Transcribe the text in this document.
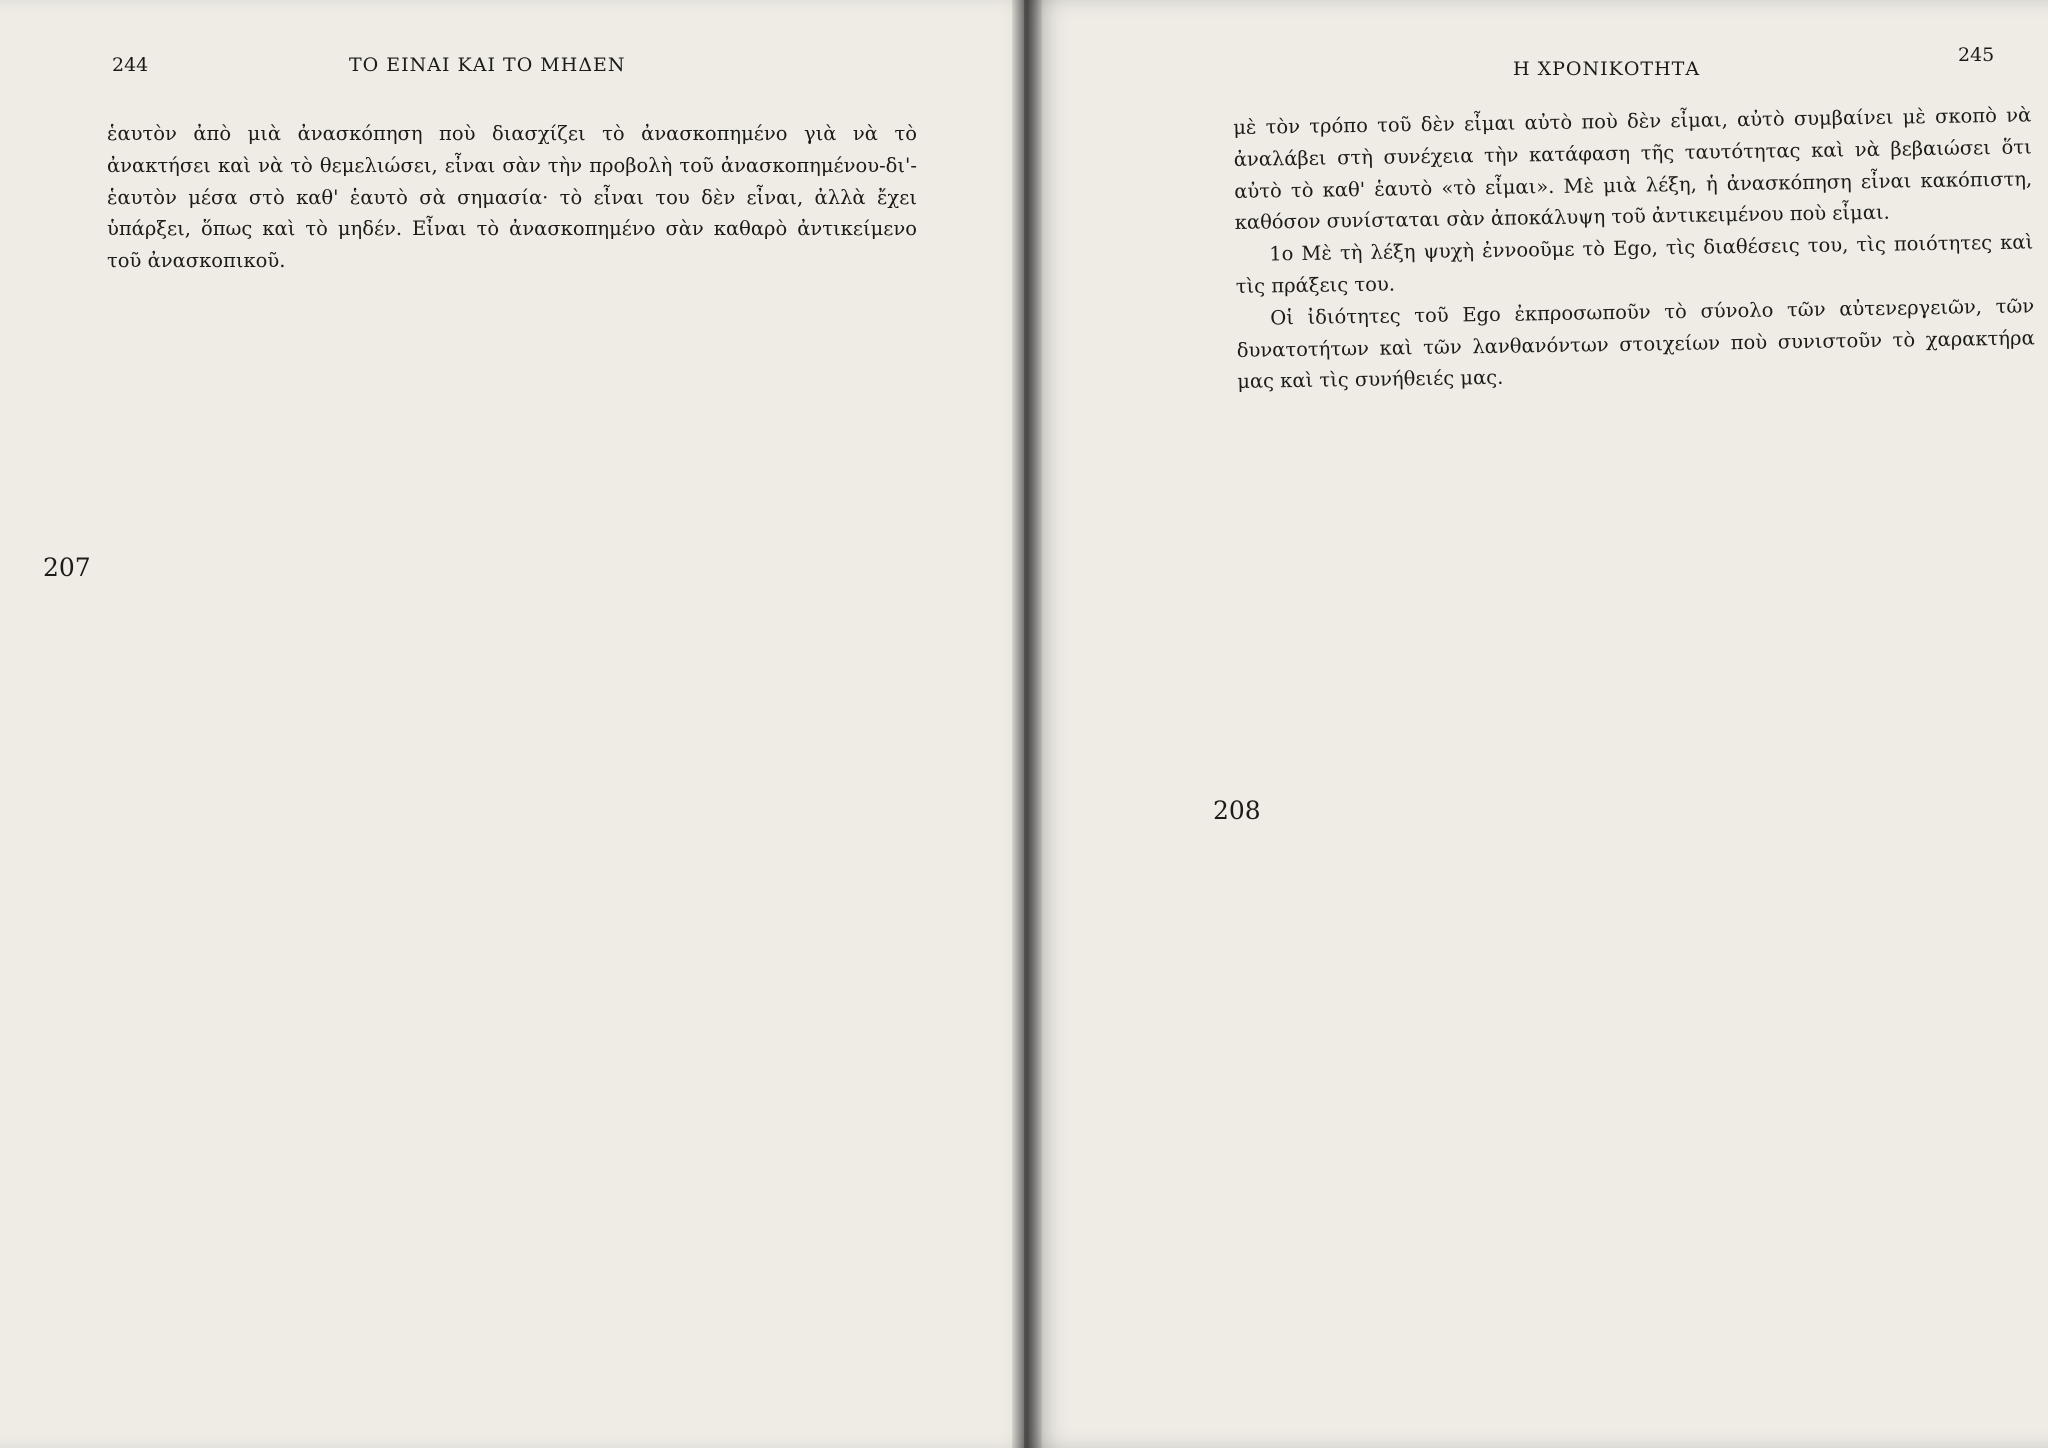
244	ΤΟ ΕΙΝΑΙ ΚΑΙ ΤΟ ΜΗΔΕΝ
207

ἑαυτὸν ἀπὸ μιὰ ἀνασκόπηση ποὺ διασχίζει τὸ ἀνασκοπημένο γιὰ νὰ τὸ ἀνακτήσει καὶ νὰ τὸ θεμελιώσει, εἶναι σὰν τὴν προβολὴ τοῦ ἀνασκοπημένου-δι'-ἑαυτὸν μέσα στὸ καθ' ἑαυτὸ σὰ σημασία· τὸ εἶναι του δὲν εἶναι, ἀλλὰ ἔχει ὑπάρξει, ὅπως καὶ τὸ μηδέν. Εἶναι τὸ ἀνασκοπημένο σὰν καθαρὸ ἀντικείμενο τοῦ ἀνασκοπικοῦ.

Η ΧΡΟΝΙΚΟΤΗΤΑ
245
208

μὲ τὸν τρόπο τοῦ δὲν εἶμαι αὐτὸ ποὺ δὲν εἶμαι, αὐτὸ συμβαίνει μὲ σκοπὸ νὰ ἀναλάβει στὴ συνέχεια τὴν κατάφαση τῆς ταυτότητας καὶ νὰ βεβαιώσει ὅτι αὐτὸ τὸ καθ' ἑαυτὸ «τὸ εἶμαι». Μὲ μιὰ λέξη, ἡ ἀνασκόπηση εἶναι κακόπιστη, καθόσον συνίσταται σὰν ἀποκάλυψη τοῦ ἀντικειμένου ποὺ εἶμαι.

1ο Μὲ τὴ λέξη ψυχὴ ἐννοοῦμε τὸ Ego, τὶς διαθέσεις του, τὶς ποιότητες καὶ τὶς πράξεις του.

Οἱ ἰδιότητες τοῦ Ego ἐκπροσωποῦν τὸ σύνολο τῶν αὐτενεργειῶν, τῶν δυνατοτήτων καὶ τῶν λανθανόντων στοιχείων ποὺ συνιστοῦν τὸ χαρακτήρα μας καὶ τὶς συνήθειές μας.
